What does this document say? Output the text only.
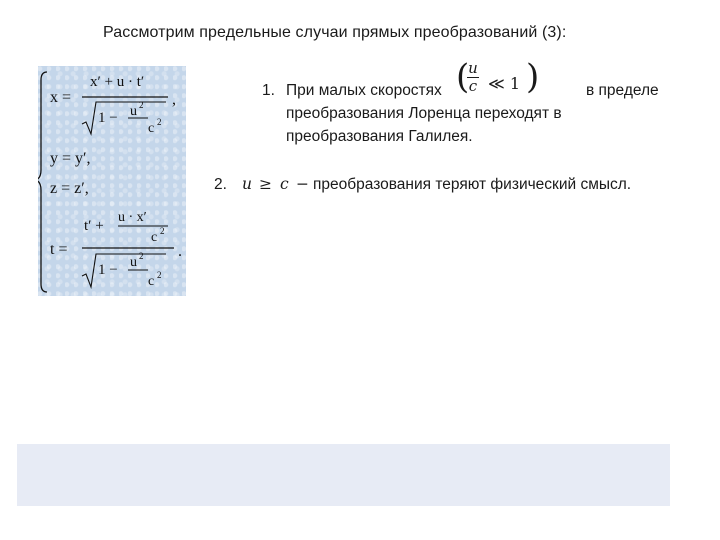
Рассмотрим предельные случаи прямых преобразований (3):
x =
x′ + u · t′
1 − u 2
c 2
,
y = y′,
z = z′,
t =
t′ +
u · x′
c 2
1 − u 2
c 2
.
1. При малых скоростях (
u
c ≪ 1 )	в пределе
преобразования Лоренца переходят в
преобразования Галилея.
2. u ≥ c − преобразования теряют физический смысл.
